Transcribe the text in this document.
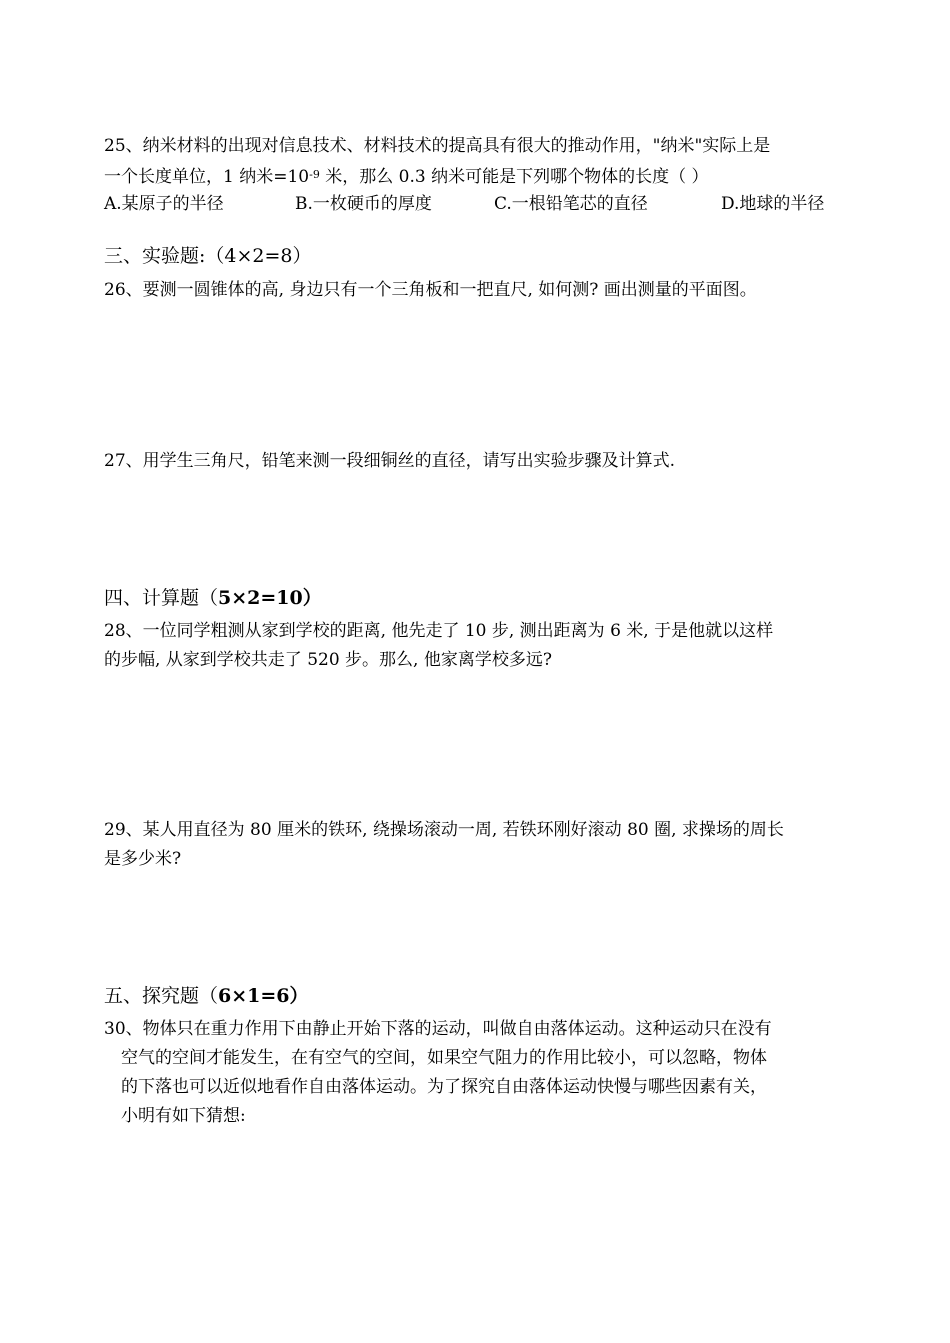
25、纳米材料的出现对信息技术、材料技术的提高具有很大的推动作用，"纳米"实际上是
一个长度单位，1 纳米$=10^{-9}$ 米，那么 0.3 纳米可能是下列哪个物体的长度（ ）
A.某原子的半径	B.一枚硬币的厚度	C.一根铅笔芯的直径	D.地球的半径
三、实验题:（4×2=8）
26、要测一圆锥体的高, 身边只有一个三角板和一把直尺, 如何测? 画出测量的平面图。
27、用学生三角尺，铅笔来测一段细铜丝的直径，请写出实验步骤及计算式.
四、计算题（5×2=10）
28、一位同学粗测从家到学校的距离, 他先走了 10 步, 测出距离为 6 米, 于是他就以这样
的步幅, 从家到学校共走了 520 步。那么, 他家离学校多远?
29、某人用直径为 80 厘米的铁环, 绕操场滚动一周, 若铁环刚好滚动 80 圈, 求操场的周长
是多少米?
五、探究题（6×1=6）
30、物体只在重力作用下由静止开始下落的运动，叫做自由落体运动。这种运动只在没有
空气的空间才能发生，在有空气的空间，如果空气阻力的作用比较小，可以忽略，物体
的下落也可以近似地看作自由落体运动。为了探究自由落体运动快慢与哪些因素有关，
小明有如下猜想:
